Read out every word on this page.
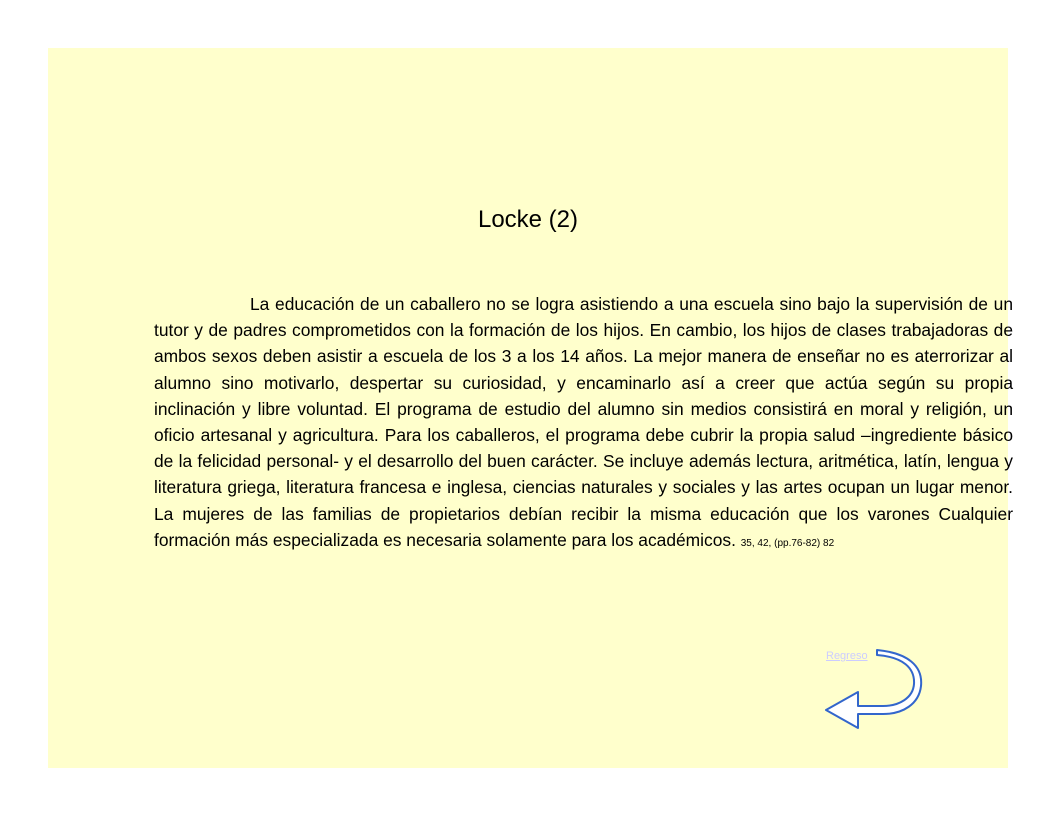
Locke (2)

La educación de un caballero no se logra asistiendo a una escuela sino bajo la supervisión de un tutor y de padres comprometidos con la formación de los hijos. En cambio, los hijos de clases trabajadoras de ambos sexos deben asistir a escuela de los 3 a los 14 años. La mejor manera de enseñar no es aterrorizar al alumno sino motivarlo, despertar su curiosidad, y encaminarlo así a creer que actúa según su propia inclinación y libre voluntad. El programa de estudio del alumno sin medios consistirá en moral y religión, un oficio artesanal y agricultura. Para los caballeros, el programa debe cubrir la propia salud –ingrediente básico de la felicidad personal- y el desarrollo del buen carácter. Se incluye además lectura, aritmética, latín, lengua y literatura griega, literatura francesa e inglesa, ciencias naturales y sociales y las artes ocupan un lugar menor. La mujeres de las familias de propietarios debían recibir la misma educación que los varones Cualquier formación más especializada es necesaria solamente para los académicos. 35, 42, (pp.76-82) 82

Regreso
